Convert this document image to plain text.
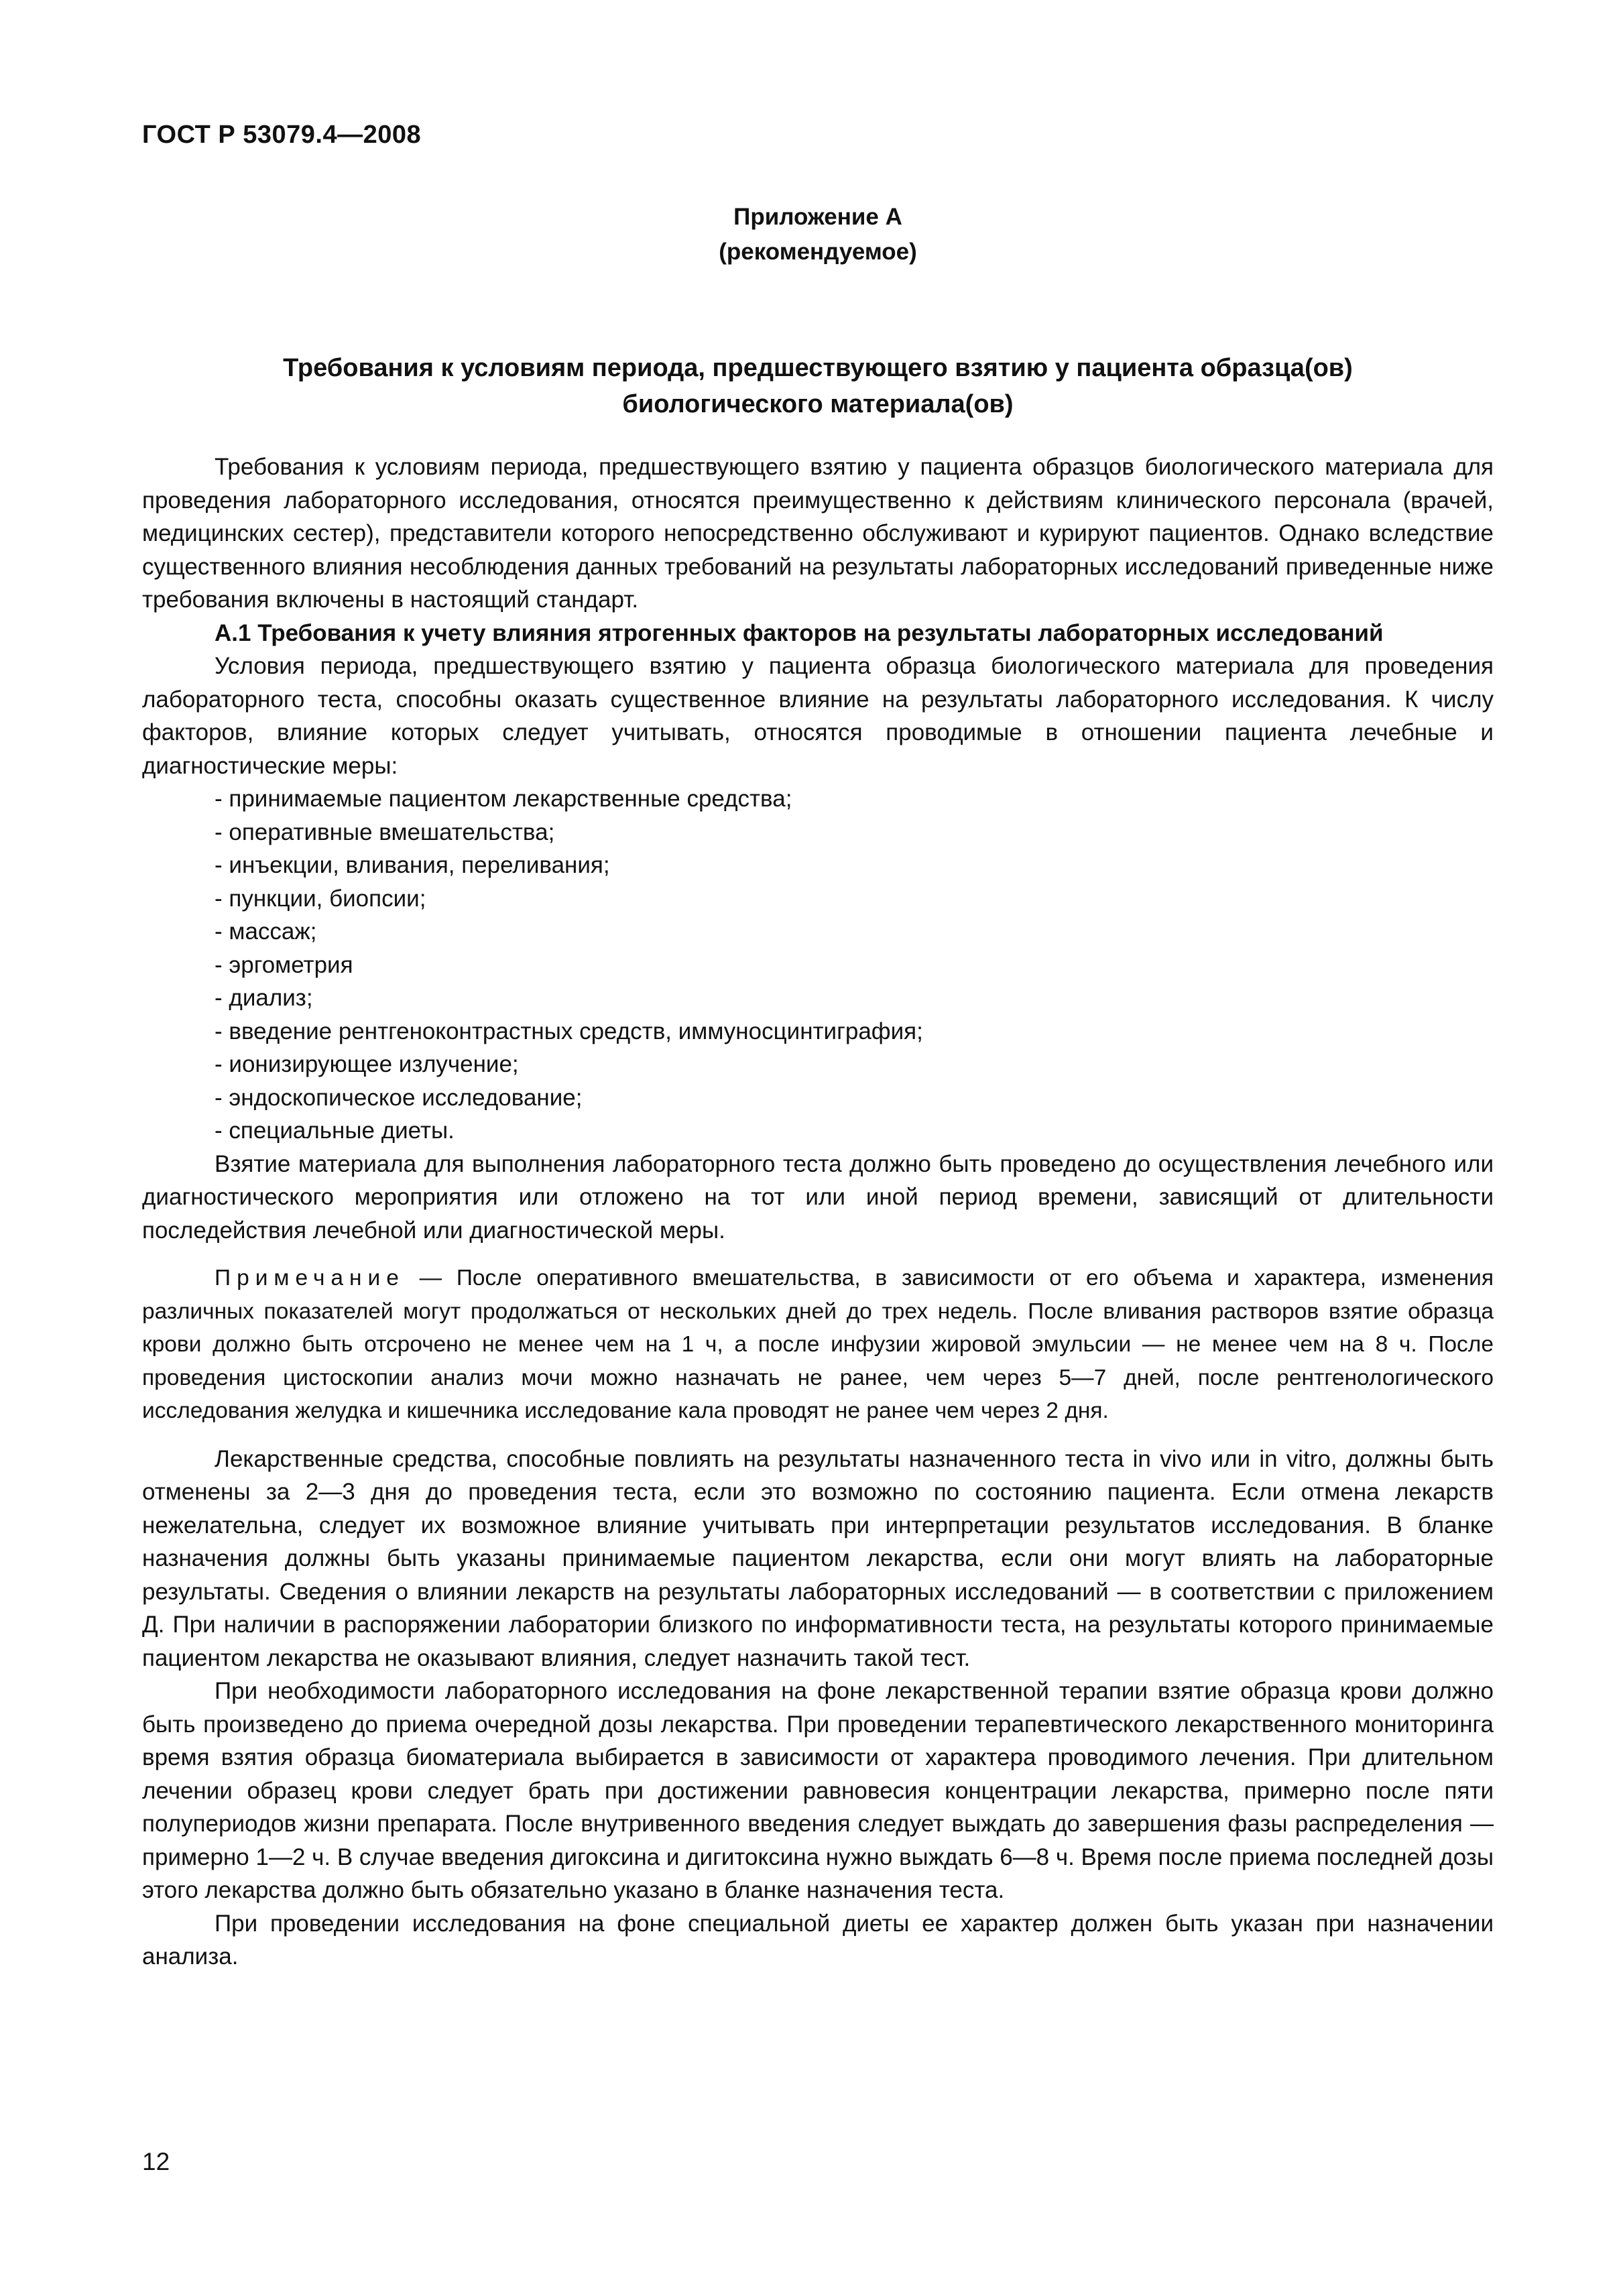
ГОСТ Р 53079.4—2008
Приложение А
(рекомендуемое)
Требования к условиям периода, предшествующего взятию у пациента образца(ов)
биологического материала(ов)

Требования к условиям периода, предшествующего взятию у пациента образцов биологического материала для проведения лабораторного исследования, относятся преимущественно к действиям клинического персонала (врачей, медицинских сестер), представители которого непосредственно обслуживают и курируют пациентов. Однако вследствие существенного влияния несоблюдения данных требований на результаты лабораторных исследований приведенные ниже требования включены в настоящий стандарт.

А.1 Требования к учету влияния ятрогенных факторов на результаты лабораторных исследований

Условия периода, предшествующего взятию у пациента образца биологического материала для проведения лабораторного теста, способны оказать существенное влияние на результаты лабораторного исследования. К числу факторов, влияние которых следует учитывать, относятся проводимые в отношении пациента лечебные и диагностические меры:

- принимаемые пациентом лекарственные средства;
- оперативные вмешательства;
- инъекции, вливания, переливания;
- пункции, биопсии;
- массаж;
- эргометрия
- диализ;
- введение рентгеноконтрастных средств, иммуносцинтиграфия;
- ионизирующее излучение;
- эндоскопическое исследование;
- специальные диеты.

Взятие материала для выполнения лабораторного теста должно быть проведено до осуществления лечебного или диагностического мероприятия или отложено на тот или иной период времени, зависящий от длительности последействия лечебной или диагностической меры.

Примечание — После оперативного вмешательства, в зависимости от его объема и характера, изменения различных показателей могут продолжаться от нескольких дней до трех недель. После вливания растворов взятие образца крови должно быть отсрочено не менее чем на 1 ч, а после инфузии жировой эмульсии — не менее чем на 8 ч. После проведения цистоскопии анализ мочи можно назначать не ранее, чем через 5—7 дней, после рентгенологического исследования желудка и кишечника исследование кала проводят не ранее чем через 2 дня.

Лекарственные средства, способные повлиять на результаты назначенного теста in vivo или in vitro, должны быть отменены за 2—3 дня до проведения теста, если это возможно по состоянию пациента. Если отмена лекарств нежелательна, следует их возможное влияние учитывать при интерпретации результатов исследования. В бланке назначения должны быть указаны принимаемые пациентом лекарства, если они могут влиять на лабораторные результаты. Сведения о влиянии лекарств на результаты лабораторных исследований — в соответствии с приложением Д. При наличии в распоряжении лаборатории близкого по информативности теста, на результаты которого принимаемые пациентом лекарства не оказывают влияния, следует назначить такой тест.

При необходимости лабораторного исследования на фоне лекарственной терапии взятие образца крови должно быть произведено до приема очередной дозы лекарства. При проведении терапевтического лекарственного мониторинга время взятия образца биоматериала выбирается в зависимости от характера проводимого лечения. При длительном лечении образец крови следует брать при достижении равновесия концентрации лекарства, примерно после пяти полупериодов жизни препарата. После внутривенного введения следует выждать до завершения фазы распределения — примерно 1—2 ч. В случае введения дигоксина и дигитоксина нужно выждать 6—8 ч. Время после приема последней дозы этого лекарства должно быть обязательно указано в бланке назначения теста.

При проведении исследования на фоне специальной диеты ее характер должен быть указан при назначении анализа.

12
